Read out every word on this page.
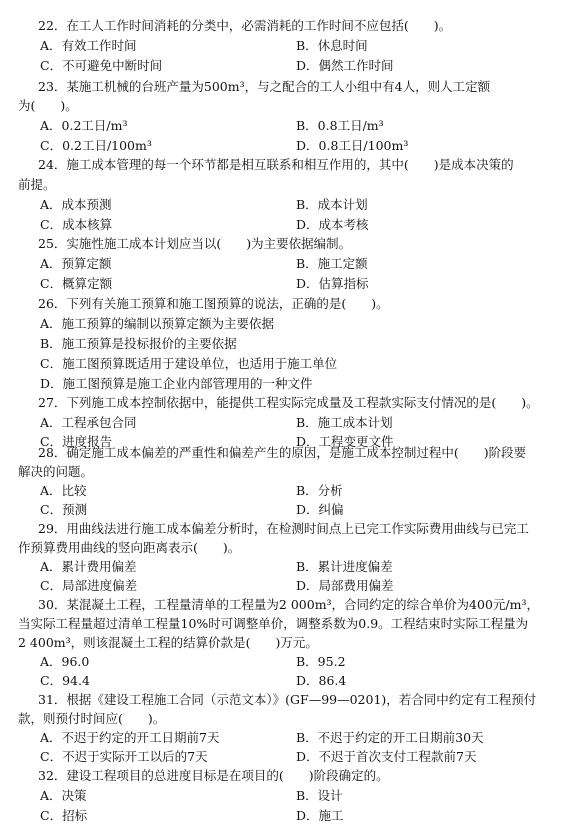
22．在工人工作时间消耗的分类中，必需消耗的工作时间不应包括(　　)。
A．有效工作时间	B．休息时间
C．不可避免中断时间	D．偶然工作时间
23．某施工机械的台班产量为500m³，与之配合的工人小组中有4人，则人工定额
为(　　)。
A．0.2工日/m³	B．0.8工日/m³
C．0.2工日/100m³	D．0.8工日/100m³
24．施工成本管理的每一个环节都是相互联系和相互作用的，其中(　　)是成本决策的
前提。
A．成本预测	B．成本计划
C．成本核算	D．成本考核
25．实施性施工成本计划应当以(　　)为主要依据编制。
A．预算定额	B．施工定额
C．概算定额	D．估算指标
26．下列有关施工预算和施工图预算的说法，正确的是(　　)。
A．施工预算的编制以预算定额为主要依据
B．施工预算是投标报价的主要依据
C．施工图预算既适用于建设单位，也适用于施工单位
D．施工图预算是施工企业内部管理用的一种文件
27．下列施工成本控制依据中，能提供工程实际完成量及工程款实际支付情况的是(　　)。
A．工程承包合同	B．施工成本计划
C．进度报告	D．工程变更文件
28．确定施工成本偏差的严重性和偏差产生的原因，是施工成本控制过程中(　　)阶段要
解决的问题。
A．比较	B．分析
C．预测	D．纠偏
29．用曲线法进行施工成本偏差分析时，在检测时间点上已完工作实际费用曲线与已完工
作预算费用曲线的竖向距离表示(　　)。
A．累计费用偏差	B．累计进度偏差
C．局部进度偏差	D．局部费用偏差
30．某混凝土工程，工程量清单的工程量为2 000m³，合同约定的综合单价为400元/m³，
当实际工程量超过清单工程量10%时可调整单价，调整系数为0.9。工程结束时实际工程量为
2 400m³，则该混凝土工程的结算价款是(　　)万元。
A．96.0	B．95.2
C．94.4	D．86.4
31．根据《建设工程施工合同（示范文本）》(GF—99—0201)，若合同中约定有工程预付
款，则预付时间应(　　)。
A．不迟于约定的开工日期前7天	B．不迟于约定的开工日期前30天
C．不迟于实际开工以后的7天	D．不迟于首次支付工程款前7天
32．建设工程项目的总进度目标是在项目的(　　)阶段确定的。
A．决策	B．设计
C．招标	D．施工
